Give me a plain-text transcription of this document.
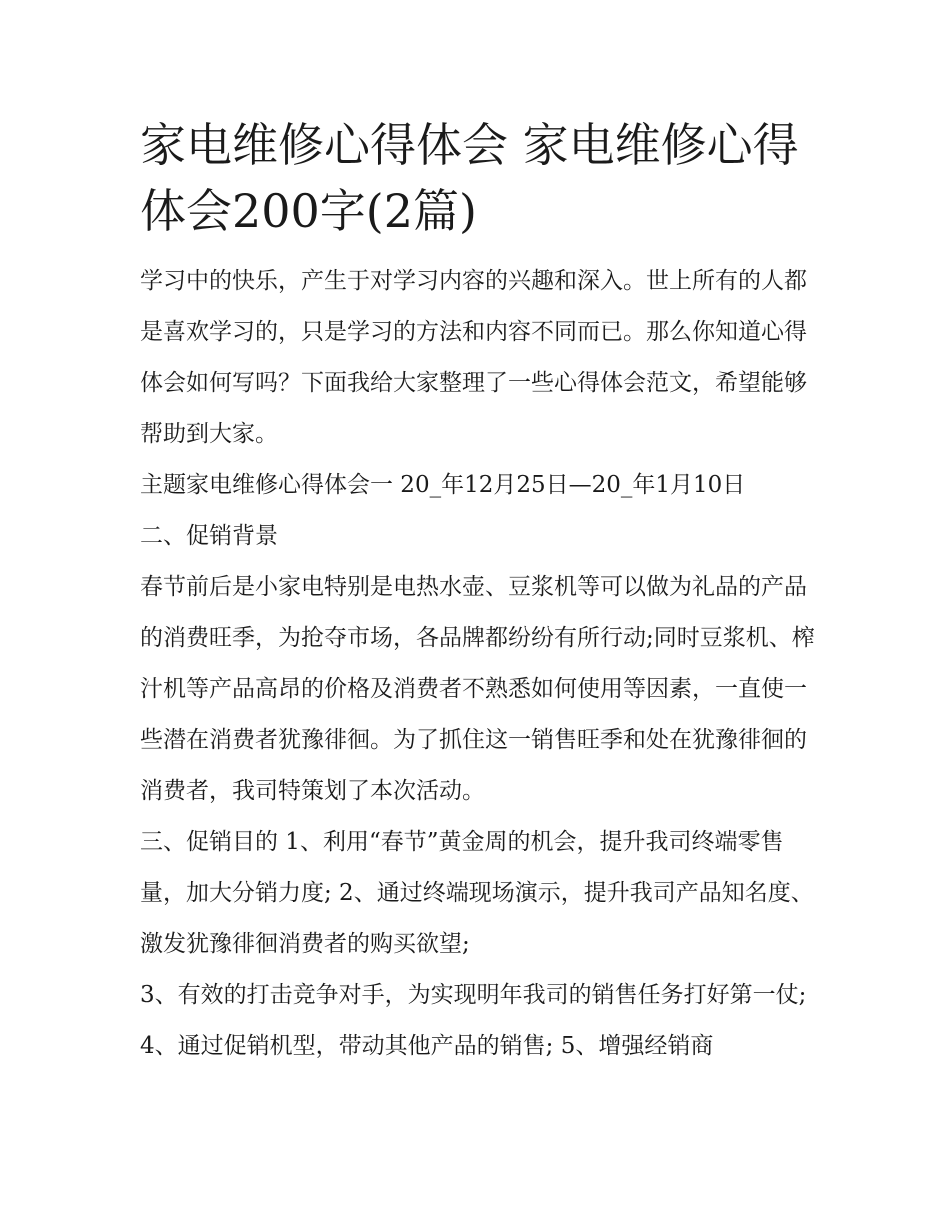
家电维修心得体会 家电维修心得体会200字(2篇)

学习中的快乐，产生于对学习内容的兴趣和深入。世上所有的人都是喜欢学习的，只是学习的方法和内容不同而已。那么你知道心得体会如何写吗？下面我给大家整理了一些心得体会范文，希望能够帮助到大家。

主题家电维修心得体会一 20_年12月25日—20_年1月10日

二、促销背景

春节前后是小家电特别是电热水壶、豆浆机等可以做为礼品的产品的消费旺季，为抢夺市场，各品牌都纷纷有所行动;同时豆浆机、榨汁机等产品高昂的价格及消费者不熟悉如何使用等因素，一直使一些潜在消费者犹豫徘徊。为了抓住这一销售旺季和处在犹豫徘徊的消费者，我司特策划了本次活动。

三、促销目的 1、利用“春节”黄金周的机会，提升我司终端零售量，加大分销力度; 2、通过终端现场演示，提升我司产品知名度、激发犹豫徘徊消费者的购买欲望;

3、有效的打击竞争对手，为实现明年我司的销售任务打好第一仗; 4、通过促销机型，带动其他产品的销售; 5、增强经销商
